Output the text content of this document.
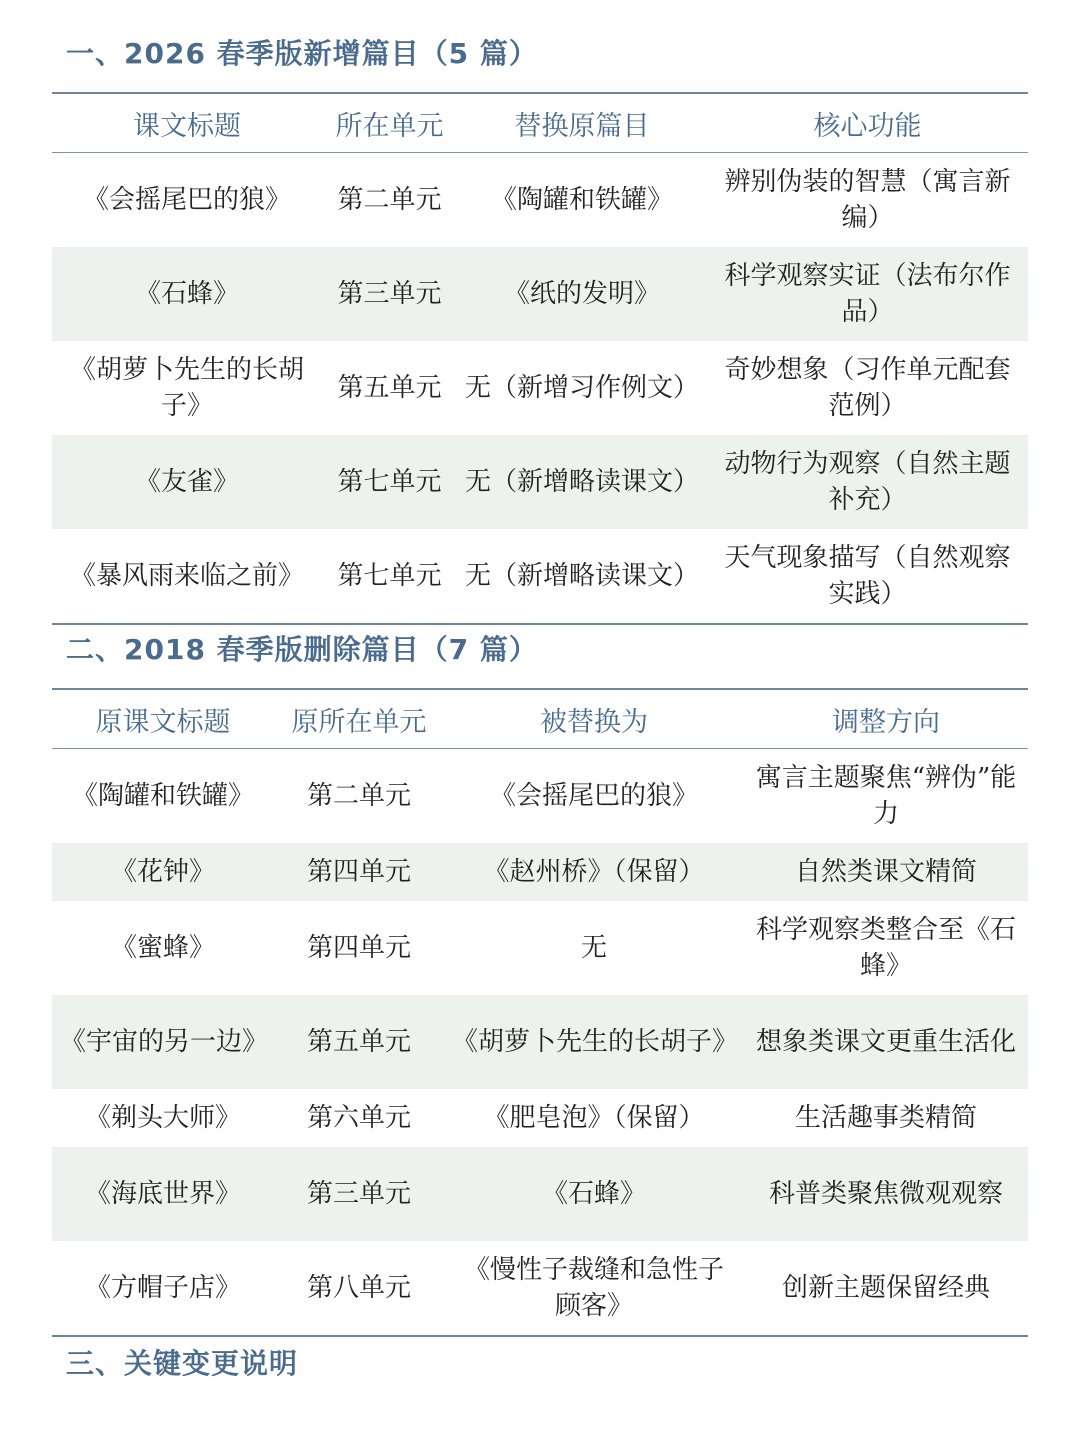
一、2026 春季版新增篇目（5 篇）
课文标题	所在单元	替换原篇目	核心功能
《会摇尾巴的狼》	第二单元	《陶罐和铁罐》	辨别伪装的智慧（寓言新编）
《石蜂》	第三单元	《纸的发明》	科学观察实证（法布尔作品）
《胡萝卜先生的长胡子》	第五单元	无（新增习作例文）	奇妙想象（习作单元配套范例）
《友雀》	第七单元	无（新增略读课文）	动物行为观察（自然主题补充）
《暴风雨来临之前》	第七单元	无（新增略读课文）	天气现象描写（自然观察实践）
二、2018 春季版删除篇目（7 篇）
原课文标题	原所在单元	被替换为	调整方向
《陶罐和铁罐》	第二单元	《会摇尾巴的狼》	寓言主题聚焦“辨伪”能力
《花钟》	第四单元	《赵州桥》（保留）	自然类课文精简
《蜜蜂》	第四单元	无	科学观察类整合至《石蜂》
《宇宙的另一边》	第五单元	《胡萝卜先生的长胡子》	想象类课文更重生活化
《剃头大师》	第六单元	《肥皂泡》（保留）	生活趣事类精简
《海底世界》	第三单元	《石蜂》	科普类聚焦微观观察
《方帽子店》	第八单元	《慢性子裁缝和急性子顾客》	创新主题保留经典
三、关键变更说明
